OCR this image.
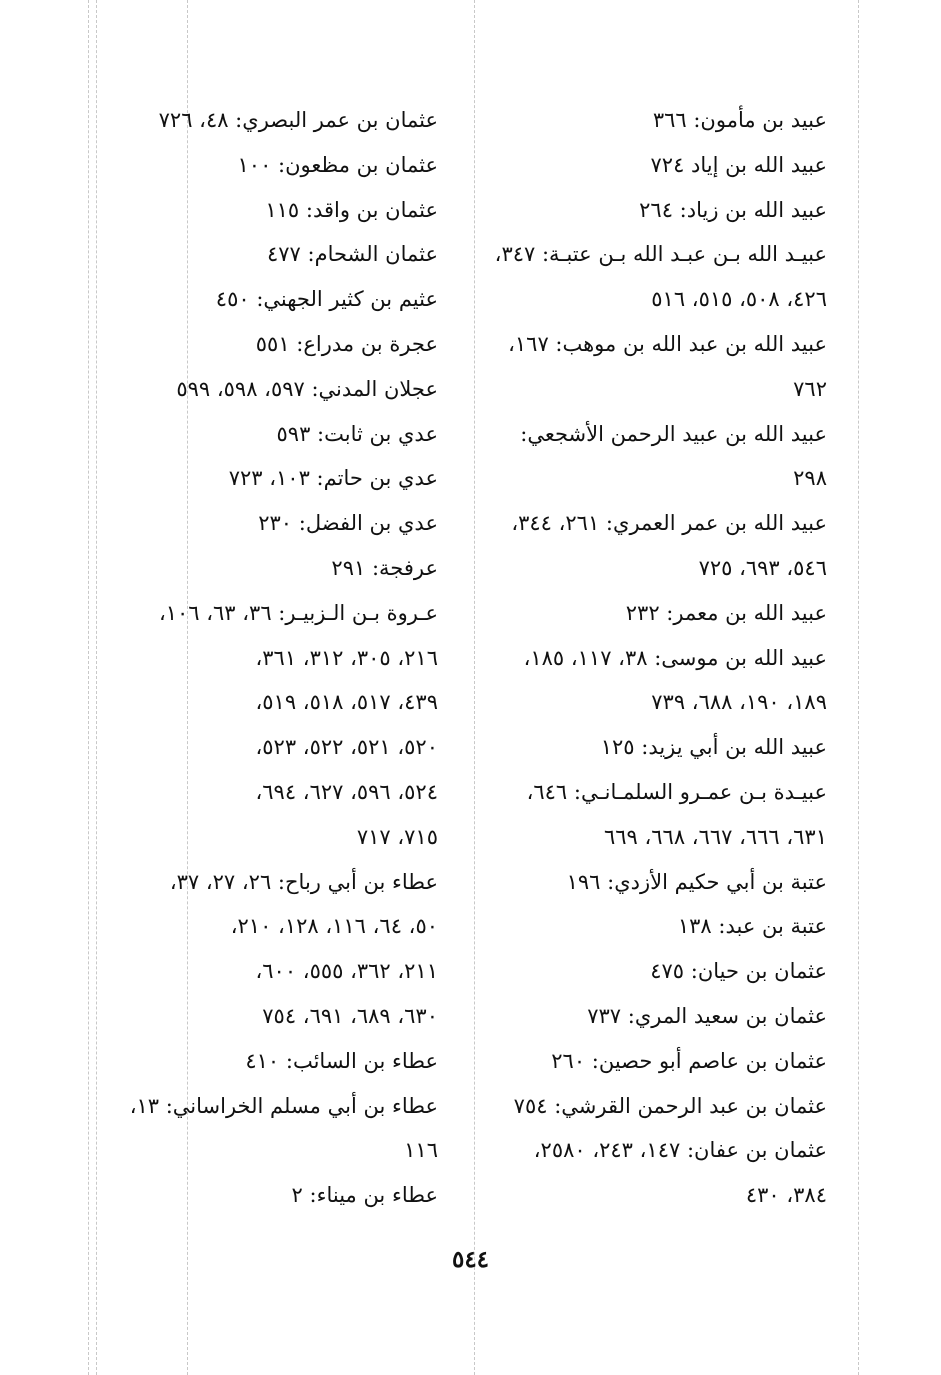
عبيد بن مأمون: ٣٦٦

عبيد الله بن إياد ٧٢٤

عبيد الله بن زياد: ٢٦٤

عبيـد الله بـن عبـد الله بـن عتبـة: ٣٤٧،

٤٢٦، ٥٠٨، ٥١٥، ٥١٦

عبيد الله بن عبد الله بن موهب: ١٦٧،

٧٦٢

عبيد الله بن عبيد الرحمن الأشجعي:

٢٩٨

عبيد الله بن عمر العمري: ٢٦١، ٣٤٤،

٥٤٦، ٦٩٣، ٧٢٥

عبيد الله بن معمر: ٢٣٢

عبيد الله بن موسى: ٣٨، ١١٧، ١٨٥،

١٨٩، ١٩٠، ٦٨٨، ٧٣٩

عبيد الله بن أبي يزيد: ١٢٥

عبيـدة بـن عمـرو السلمـانـي: ٦٤٦،

٦٣١، ٦٦٦، ٦٦٧، ٦٦٨، ٦٦٩

عتبة بن أبي حكيم الأزدي: ١٩٦

عتبة بن عبد: ١٣٨

عثمان بن حيان: ٤٧٥

عثمان بن سعيد المري: ٧٣٧

عثمان بن عاصم أبو حصين: ٢٦٠

عثمان بن عبد الرحمن القرشي: ٧٥٤

عثمان بن عفان: ١٤٧، ٢٤٣، ٢٥٨٠،

٣٨٤، ٤٣٠

عثمان بن عمر البصري: ٤٨، ٧٢٦

عثمان بن مظعون: ١٠٠

عثمان بن واقد: ١١٥

عثمان الشحام: ٤٧٧

عثيم بن كثير الجهني: ٤٥٠

عجرة بن مدراع: ٥٥١

عجلان المدني: ٥٩٧، ٥٩٨، ٥٩٩

عدي بن ثابت: ٥٩٣

عدي بن حاتم: ١٠٣، ٧٢٣

عدي بن الفضل: ٢٣٠

عرفجة: ٢٩١

عـروة بـن الـزبيـر: ٣٦، ٦٣، ١٠٦،

٢١٦، ٣٠٥، ٣١٢، ٣٦١،

٤٣٩، ٥١٧، ٥١٨، ٥١٩،

٥٢٠، ٥٢١، ٥٢٢، ٥٢٣،

٥٢٤، ٥٩٦، ٦٢٧، ٦٩٤،

٧١٥، ٧١٧

عطاء بن أبي رباح: ٢٦، ٢٧، ٣٧،

٥٠، ٦٤، ١١٦، ١٢٨، ٢١٠،

٢١١، ٣٦٢، ٥٥٥، ٦٠٠،

٦٣٠، ٦٨٩، ٦٩١، ٧٥٤

عطاء بن السائب: ٤١٠

عطاء بن أبي مسلم الخراساني: ١٣،

١١٦

عطاء بن ميناء: ٢

٥٤٤
